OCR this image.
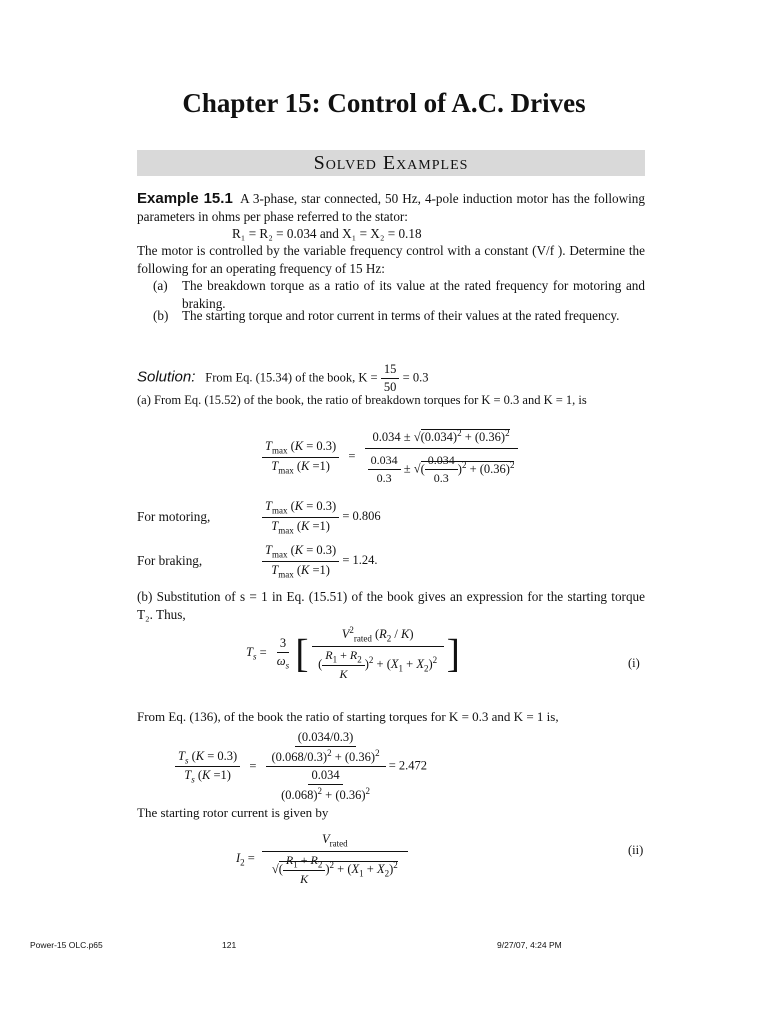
Chapter 15: Control of A.C. Drives
Solved Examples
Example 15.1 A 3-phase, star connected, 50 Hz, 4-pole induction motor has the following parameters in ohms per phase referred to the stator:
R₁ = R₂ = 0.034 and X₁ = X₂ = 0.18
The motor is controlled by the variable frequency control with a constant (V/f ). Determine the following for an operating frequency of 15 Hz:
(a)	The breakdown torque as a ratio of its value at the rated frequency for motoring and braking.
(b)	The starting torque and rotor current in terms of their values at the rated frequency.
Solution: From Eq. (15.34) of the book, $K = \frac{15}{50} = 0.3$
(a) From Eq. (15.52) of the book, the ratio of breakdown torques for K = 0.3 and K = 1, is
$\frac{T_{max} (K = 0.3)}{T_{max} (K =1)} = \frac{0.034 \pm √(0.034)^2 + (0.36)^2}{\frac{0.034}{0.3} \pm √( \frac{0.034}{0.3} )^2 + (0.36)^2}$
For motoring,	$\frac{T_{max} (K = 0.3)}{T_{max} (K =1)} = 0.806$
For braking,	$\frac{T_{max} (K = 0.3)}{T_{max} (K =1)} = 1.24$.
(b) Substitution of s = 1 in Eq. (15.51) of the book gives an expression for the starting torque T₂. Thus,
$T_s = \frac{3}{\omega_s}$ [ $\frac{V^2_{rated} (R_2 / K)}{( \frac{R_1 + R_2}{K} )^2 + (X_1 + X_2)^2}$ ]	(i)
From Eq. (136), of the book the ratio of starting torques for K = 0.3 and K = 1 is,
$\frac{T_s (K = 0.3)}{T_s (K =1)} = \frac{\frac{(0.034/0.3)}{(0.068/0.3)^2 + (0.36)^2}}{\frac{0.034}{(0.068)^2 + (0.36)^2}} = 2.472$
The starting rotor current is given by
$I_2 = \frac{V_{rated}}{√( \frac{R_1 + R_2}{K} )^2 + (X_1 + X_2)^2}$	(ii)
Power-15 OLC.p65	121	9/27/07, 4:24 PM
